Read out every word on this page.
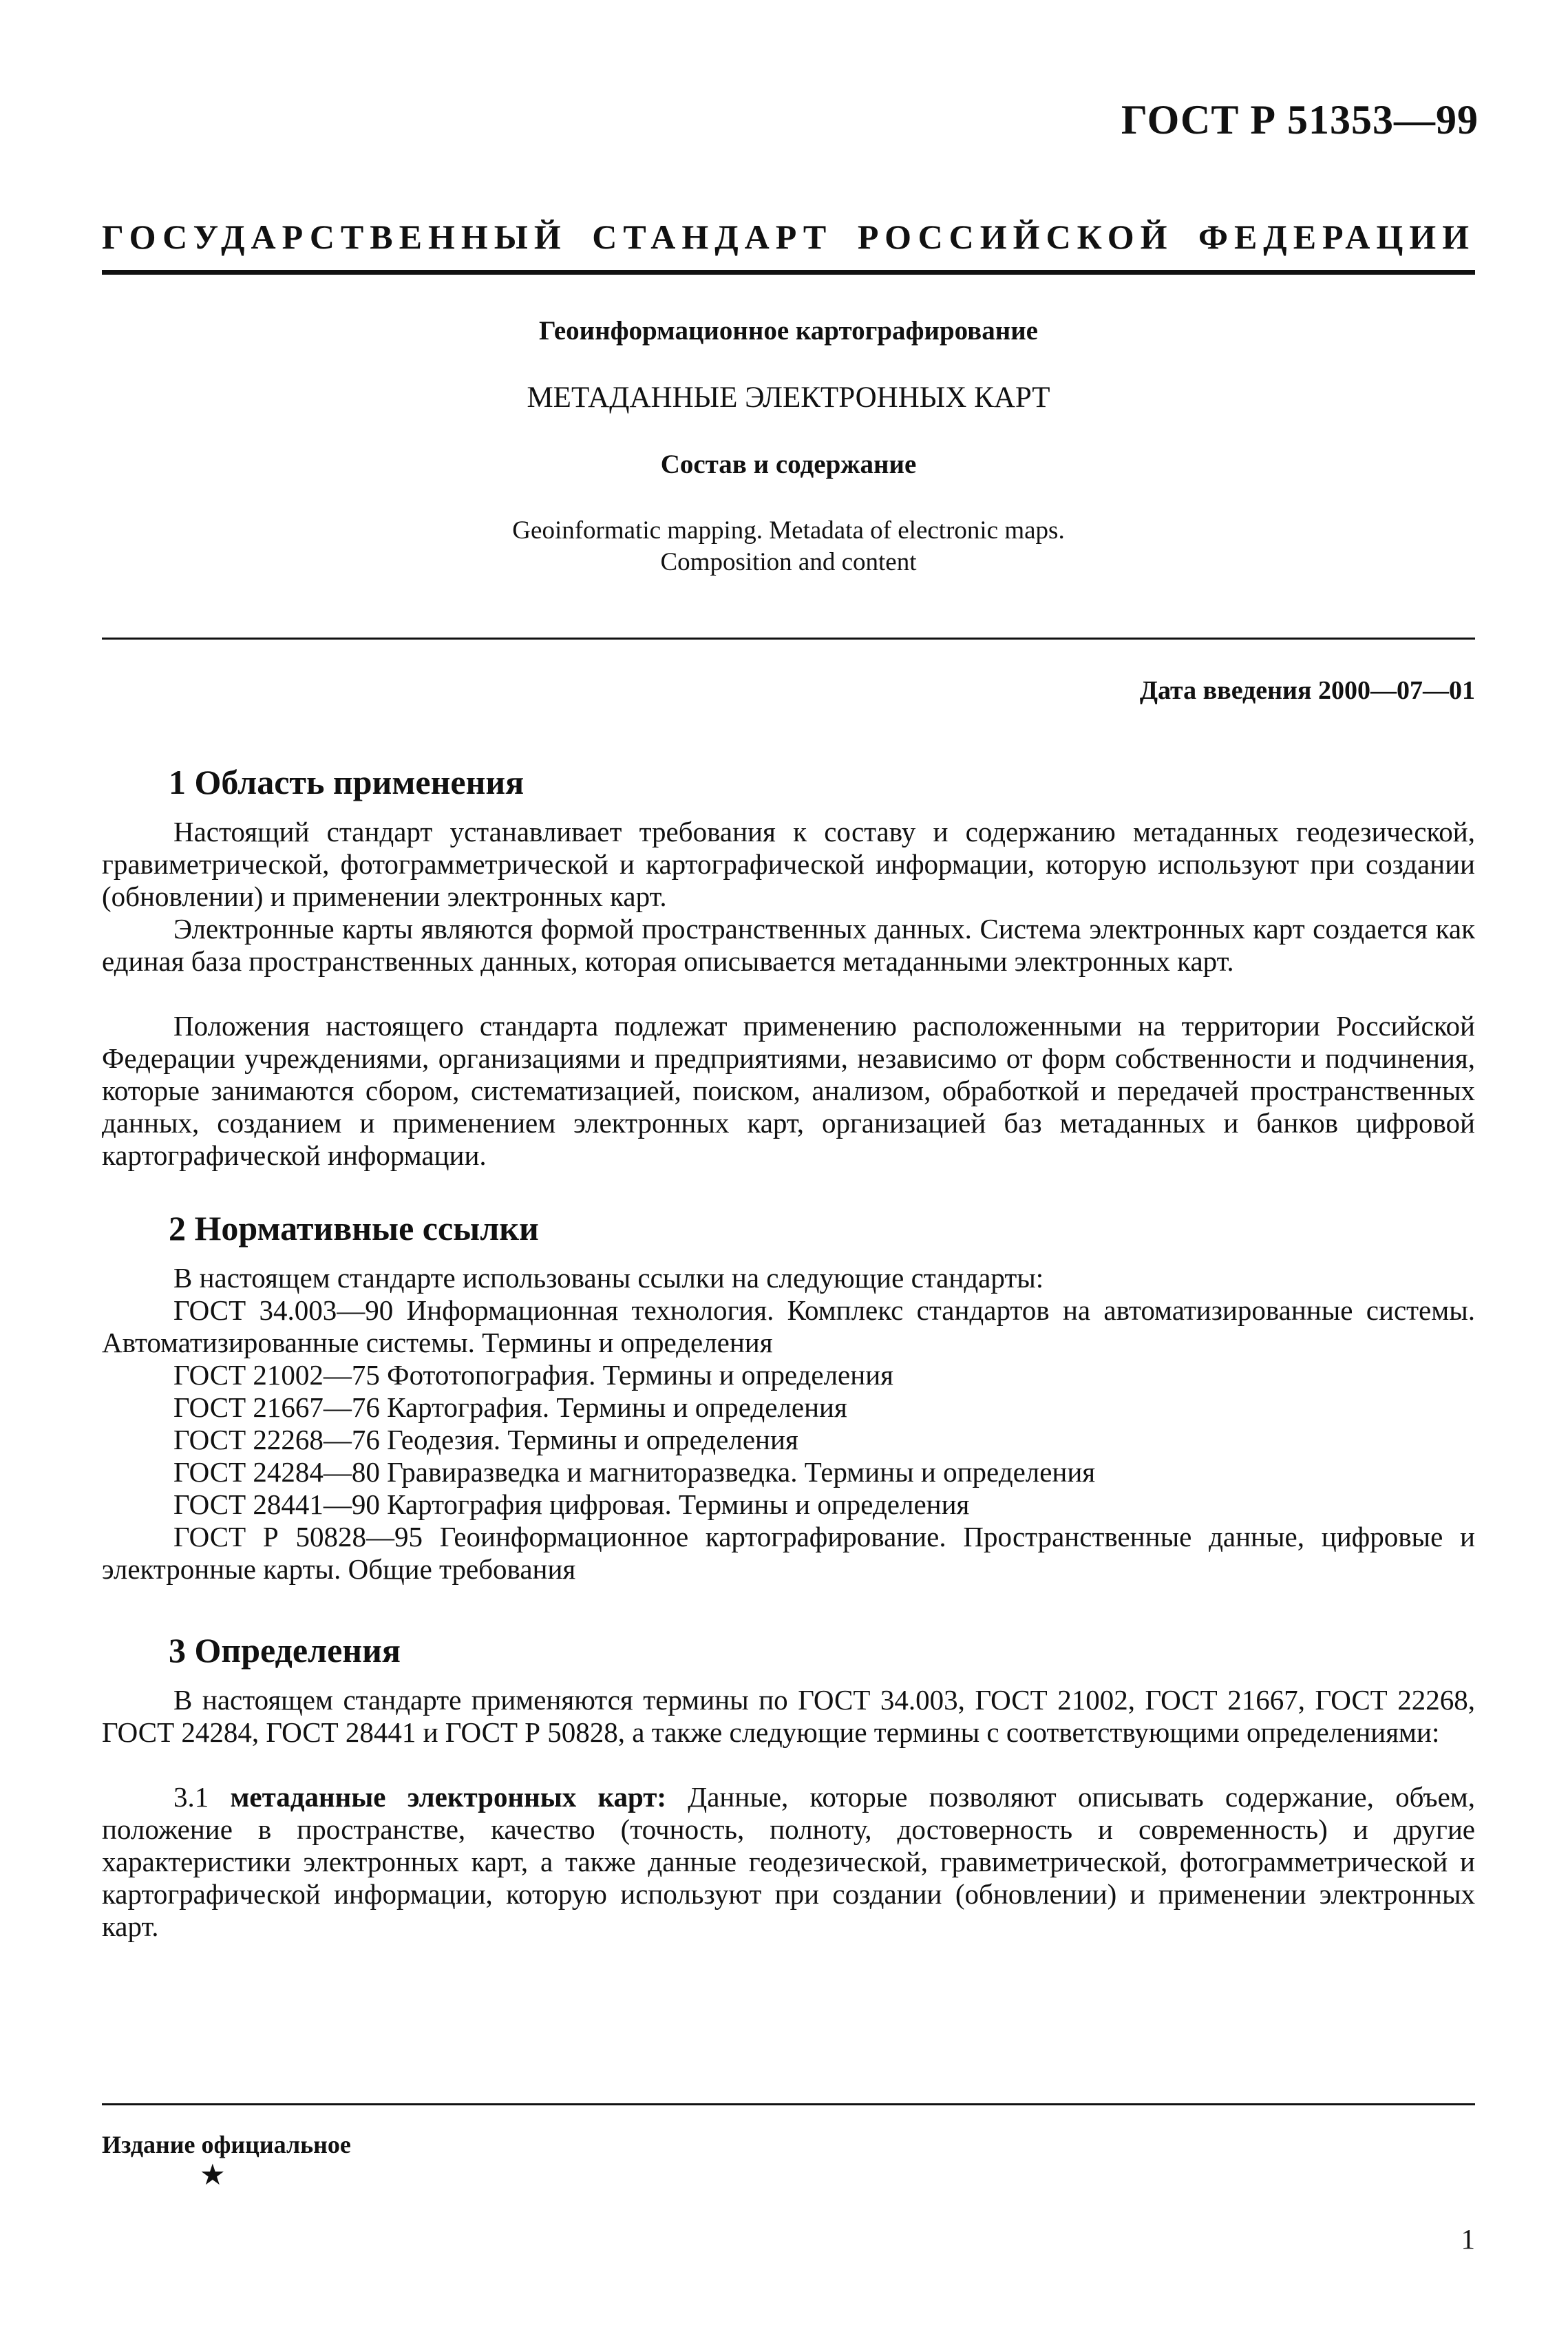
ГОСТ Р 51353—99
ГОСУДАРСТВЕННЫЙ СТАНДАРТ РОССИЙСКОЙ ФЕДЕРАЦИИ
Геоинформационное картографирование
МЕТАДАННЫЕ ЭЛЕКТРОННЫХ КАРТ
Состав и содержание
Geoinformatic mapping. Metadata of electronic maps.
Composition and content
Дата введения 2000—07—01
1 Область применения

Настоящий стандарт устанавливает требования к составу и содержанию метаданных геодезической, гравиметрической, фотограмметрической и картографической информации, которую используют при создании (обновлении) и применении электронных карт.

Электронные карты являются формой пространственных данных. Система электронных карт создается как единая база пространственных данных, которая описывается метаданными электронных карт.

Положения настоящего стандарта подлежат применению расположенными на территории Российской Федерации учреждениями, организациями и предприятиями, независимо от форм собственности и подчинения, которые занимаются сбором, систематизацией, поиском, анализом, обработкой и передачей пространственных данных, созданием и применением электронных карт, организацией баз метаданных и банков цифровой картографической информации.

2 Нормативные ссылки

В настоящем стандарте использованы ссылки на следующие стандарты:

ГОСТ 34.003—90 Информационная технология. Комплекс стандартов на автоматизированные системы. Автоматизированные системы. Термины и определения

ГОСТ 21002—75 Фототопография. Термины и определения

ГОСТ 21667—76 Картография. Термины и определения

ГОСТ 22268—76 Геодезия. Термины и определения

ГОСТ 24284—80 Гравиразведка и магниторазведка. Термины и определения

ГОСТ 28441—90 Картография цифровая. Термины и определения

ГОСТ Р 50828—95 Геоинформационное картографирование. Пространственные данные, цифровые и электронные карты. Общие требования

3 Определения

В настоящем стандарте применяются термины по ГОСТ 34.003, ГОСТ 21002, ГОСТ 21667, ГОСТ 22268, ГОСТ 24284, ГОСТ 28441 и ГОСТ Р 50828, а также следующие термины с соответствующими определениями:

3.1 метаданные электронных карт: Данные, которые позволяют описывать содержание, объем, положение в пространстве, качество (точность, полноту, достоверность и современность) и другие характеристики электронных карт, а также данные геодезической, гравиметрической, фотограмметрической и картографической информации, которую используют при создании (обновлении) и применении электронных карт.

Издание официальное
★
1
